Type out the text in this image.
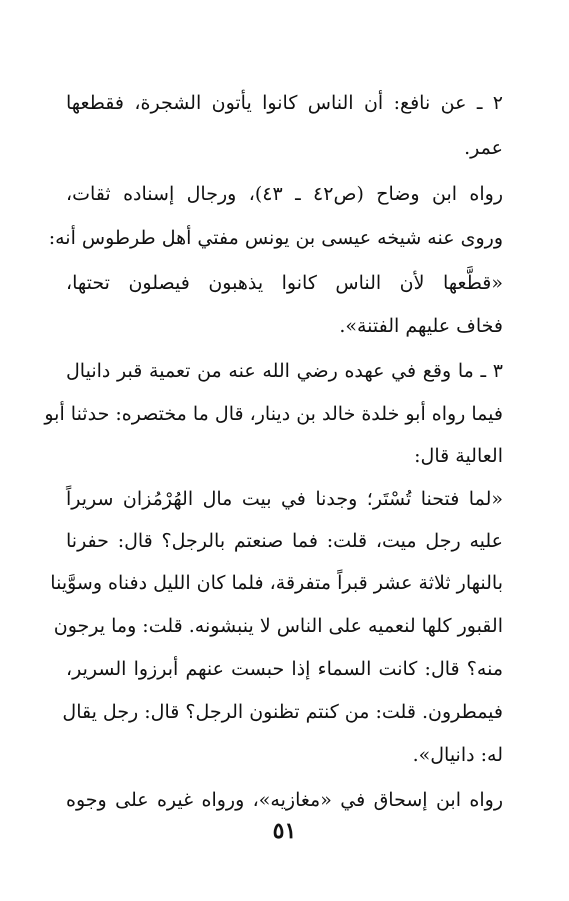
٢ ـ عن نافع: أن الناس كانوا يأتون الشجرة، فقطعها
عمر.
رواه ابن وضاح (ص٤٢ ـ ٤٣)، ورجال إسناده ثقات،
وروى عنه شيخه عيسى بن يونس مفتي أهل طرطوس أنه:
«قطَّعها لأن الناس كانوا يذهبون فيصلون تحتها،
فخاف عليهم الفتنة».
٣ ـ ما وقع في عهده رضي الله عنه من تعمية قبر دانيال
فيما رواه أبو خلدة خالد بن دينار، قال ما مختصره: حدثنا أبو
العالية قال:
«لما فتحنا تُسْتَر؛ وجدنا في بيت مال الهُرْمُزان سريراً
عليه رجل ميت، قلت: فما صنعتم بالرجل؟ قال: حفرنا
بالنهار ثلاثة عشر قبراً متفرقة، فلما كان الليل دفناه وسوَّينا
القبور كلها لنعميه على الناس لا ينبشونه. قلت: وما يرجون
منه؟ قال: كانت السماء إذا حبست عنهم أبرزوا السرير،
فيمطرون. قلت: من كنتم تظنون الرجل؟ قال: رجل يقال
له: دانيال».
رواه ابن إسحاق في «مغازيه»، ورواه غيره على وجوه
٥١
